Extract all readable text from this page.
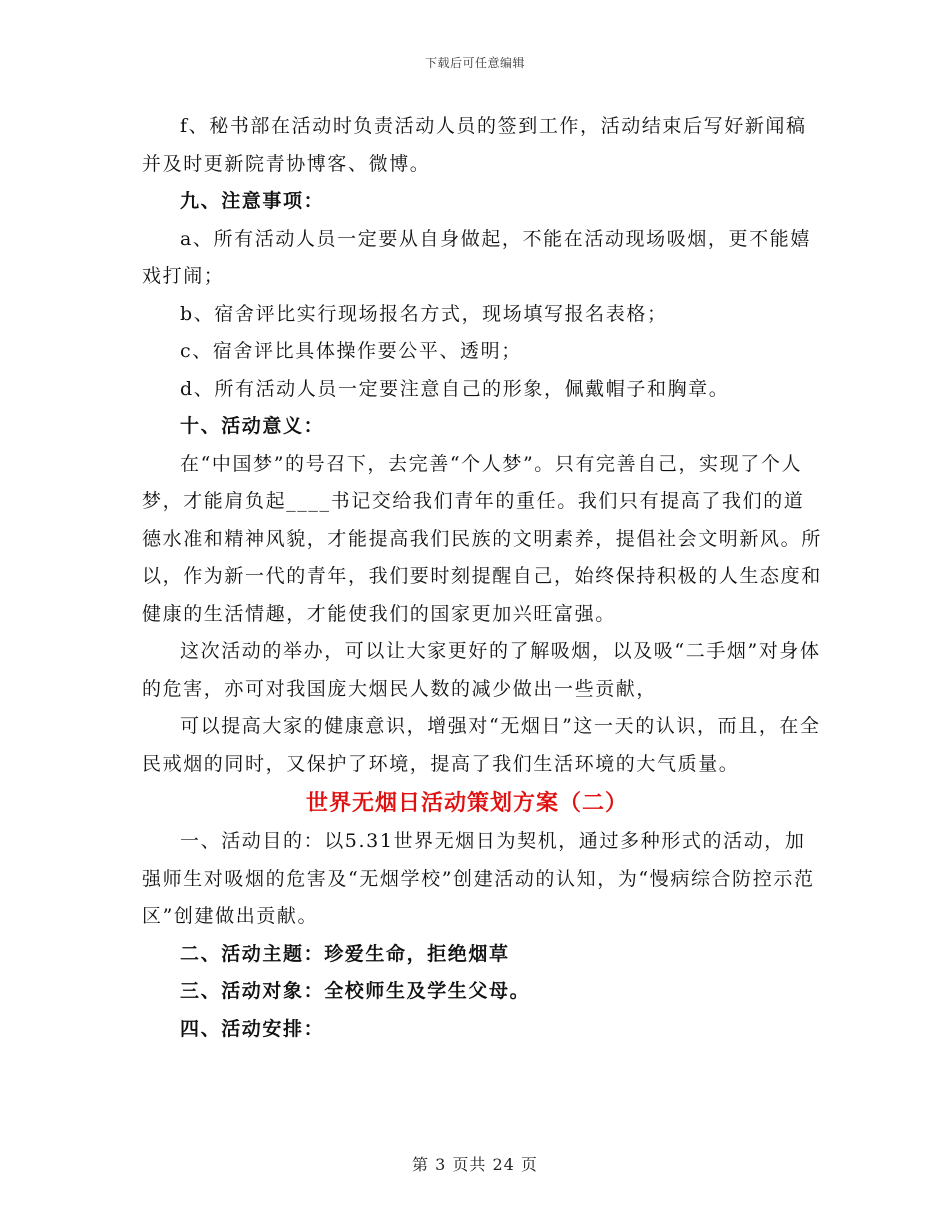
下载后可任意编辑

f、秘书部在活动时负责活动人员的签到工作，活动结束后写好新闻稿并及时更新院青协博客、微博。

九、注意事项：

a、所有活动人员一定要从自身做起，不能在活动现场吸烟，更不能嬉戏打闹；

b、宿舍评比实行现场报名方式，现场填写报名表格；

c、宿舍评比具体操作要公平、透明；

d、所有活动人员一定要注意自己的形象，佩戴帽子和胸章。

十、活动意义：

在“中国梦”的号召下，去完善“个人梦”。只有完善自己，实现了个人梦，才能肩负起____书记交给我们青年的重任。我们只有提高了我们的道德水准和精神风貌，才能提高我们民族的文明素养，提倡社会文明新风。所以，作为新一代的青年，我们要时刻提醒自己，始终保持积极的人生态度和健康的生活情趣，才能使我们的国家更加兴旺富强。

这次活动的举办，可以让大家更好的了解吸烟，以及吸“二手烟”对身体的危害，亦可对我国庞大烟民人数的减少做出一些贡献，

可以提高大家的健康意识，增强对“无烟日”这一天的认识，而且，在全民戒烟的同时，又保护了环境，提高了我们生活环境的大气质量。

世界无烟日活动策划方案（二）

一、活动目的：以5.31世界无烟日为契机，通过多种形式的活动，加强师生对吸烟的危害及“无烟学校”创建活动的认知，为“慢病综合防控示范区”创建做出贡献。

二、活动主题：珍爱生命，拒绝烟草

三、活动对象：全校师生及学生父母。

四、活动安排：

第 3 页共 24 页
